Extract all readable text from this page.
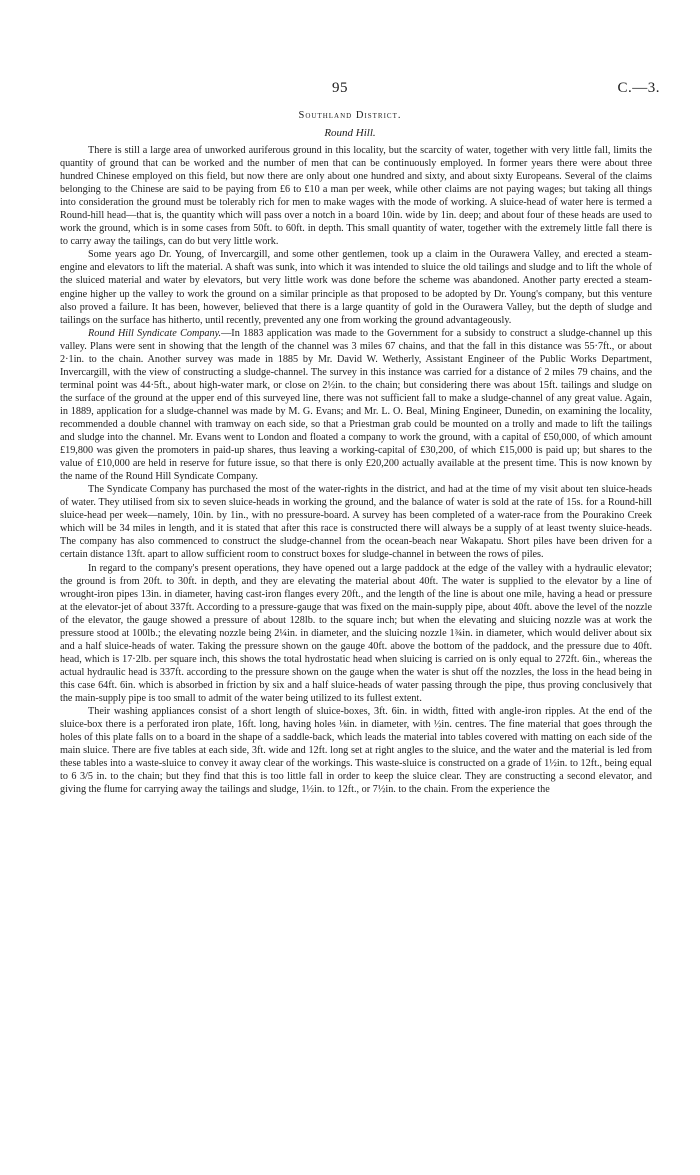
95	C.—3.
Southland District.
Round Hill.

There is still a large area of unworked auriferous ground in this locality, but the scarcity of water, together with very little fall, limits the quantity of ground that can be worked and the number of men that can be continuously employed. In former years there were about three hundred Chinese employed on this field, but now there are only about one hundred and sixty, and about sixty Europeans. Several of the claims belonging to the Chinese are said to be paying from £6 to £10 a man per week, while other claims are not paying wages; but taking all things into consideration the ground must be tolerably rich for men to make wages with the mode of working. A sluice-head of water here is termed a Round-hill head—that is, the quantity which will pass over a notch in a board 10in. wide by 1in. deep; and about four of these heads are used to work the ground, which is in some cases from 50ft. to 60ft. in depth. This small quantity of water, together with the extremely little fall there is to carry away the tailings, can do but very little work.

Some years ago Dr. Young, of Invercargill, and some other gentlemen, took up a claim in the Ourawera Valley, and erected a steam-engine and elevators to lift the material. A shaft was sunk, into which it was intended to sluice the old tailings and sludge and to lift the whole of the sluiced material and water by elevators, but very little work was done before the scheme was abandoned. Another party erected a steam-engine higher up the valley to work the ground on a similar principle as that proposed to be adopted by Dr. Young's company, but this venture also proved a failure. It has been, however, believed that there is a large quantity of gold in the Ourawera Valley, but the depth of sludge and tailings on the surface has hitherto, until recently, prevented any one from working the ground advantageously.

Round Hill Syndicate Company.—In 1883 application was made to the Government for a subsidy to construct a sludge-channel up this valley. Plans were sent in showing that the length of the channel was 3 miles 67 chains, and that the fall in this distance was 55·7ft., or about 2·1in. to the chain. Another survey was made in 1885 by Mr. David W. Wetherly, Assistant Engineer of the Public Works Department, Invercargill, with the view of constructing a sludge-channel. The survey in this instance was carried for a distance of 2 miles 79 chains, and the terminal point was 44·5ft., about high-water mark, or close on 2½in. to the chain; but considering there was about 15ft. tailings and sludge on the surface of the ground at the upper end of this surveyed line, there was not sufficient fall to make a sludge-channel of any great value. Again, in 1889, application for a sludge-channel was made by M. G. Evans; and Mr. L. O. Beal, Mining Engineer, Dunedin, on examining the locality, recommended a double channel with tramway on each side, so that a Priestman grab could be mounted on a trolly and made to lift the tailings and sludge into the channel. Mr. Evans went to London and floated a company to work the ground, with a capital of £50,000, of which amount £19,800 was given the promoters in paid-up shares, thus leaving a working-capital of £30,200, of which £15,000 is paid up; but shares to the value of £10,000 are held in reserve for future issue, so that there is only £20,200 actually available at the present time. This is now known by the name of the Round Hill Syndicate Company.

The Syndicate Company has purchased the most of the water-rights in the district, and had at the time of my visit about ten sluice-heads of water. They utilised from six to seven sluice-heads in working the ground, and the balance of water is sold at the rate of 15s. for a Round-hill sluice-head per week—namely, 10in. by 1in., with no pressure-board. A survey has been completed of a water-race from the Pourakino Creek which will be 34 miles in length, and it is stated that after this race is constructed there will always be a supply of at least twenty sluice-heads. The company has also commenced to construct the sludge-channel from the ocean-beach near Wakapatu. Short piles have been driven for a certain distance 13ft. apart to allow sufficient room to construct boxes for sludge-channel in between the rows of piles.

In regard to the company's present operations, they have opened out a large paddock at the edge of the valley with a hydraulic elevator; the ground is from 20ft. to 30ft. in depth, and they are elevating the material about 40ft. The water is supplied to the elevator by a line of wrought-iron pipes 13in. in diameter, having cast-iron flanges every 20ft., and the length of the line is about one mile, having a head or pressure at the elevator-jet of about 337ft. According to a pressure-gauge that was fixed on the main-supply pipe, about 40ft. above the level of the nozzle of the elevator, the gauge showed a pressure of about 128lb. to the square inch; but when the elevating and sluicing nozzle was at work the pressure stood at 100lb.; the elevating nozzle being 2¼in. in diameter, and the sluicing nozzle 1¾in. in diameter, which would deliver about six and a half sluice-heads of water. Taking the pressure shown on the gauge 40ft. above the bottom of the paddock, and the pressure due to 40ft. head, which is 17·2lb. per square inch, this shows the total hydrostatic head when sluicing is carried on is only equal to 272ft. 6in., whereas the actual hydraulic head is 337ft. according to the pressure shown on the gauge when the water is shut off the nozzles, the loss in the head being in this case 64ft. 6in. which is absorbed in friction by six and a half sluice-heads of water passing through the pipe, thus proving conclusively that the main-supply pipe is too small to admit of the water being utilized to its fullest extent.

Their washing appliances consist of a short length of sluice-boxes, 3ft. 6in. in width, fitted with angle-iron ripples. At the end of the sluice-box there is a perforated iron plate, 16ft. long, having holes ⅛in. in diameter, with ½in. centres. The fine material that goes through the holes of this plate falls on to a board in the shape of a saddle-back, which leads the material into tables covered with matting on each side of the main sluice. There are five tables at each side, 3ft. wide and 12ft. long set at right angles to the sluice, and the water and the material is led from these tables into a waste-sluice to convey it away clear of the workings. This waste-sluice is constructed on a grade of 1½in. to 12ft., being equal to 6 3/5 in. to the chain; but they find that this is too little fall in order to keep the sluice clear. They are constructing a second elevator, and giving the flume for carrying away the tailings and sludge, 1½in. to 12ft., or 7½in. to the chain. From the experience the
